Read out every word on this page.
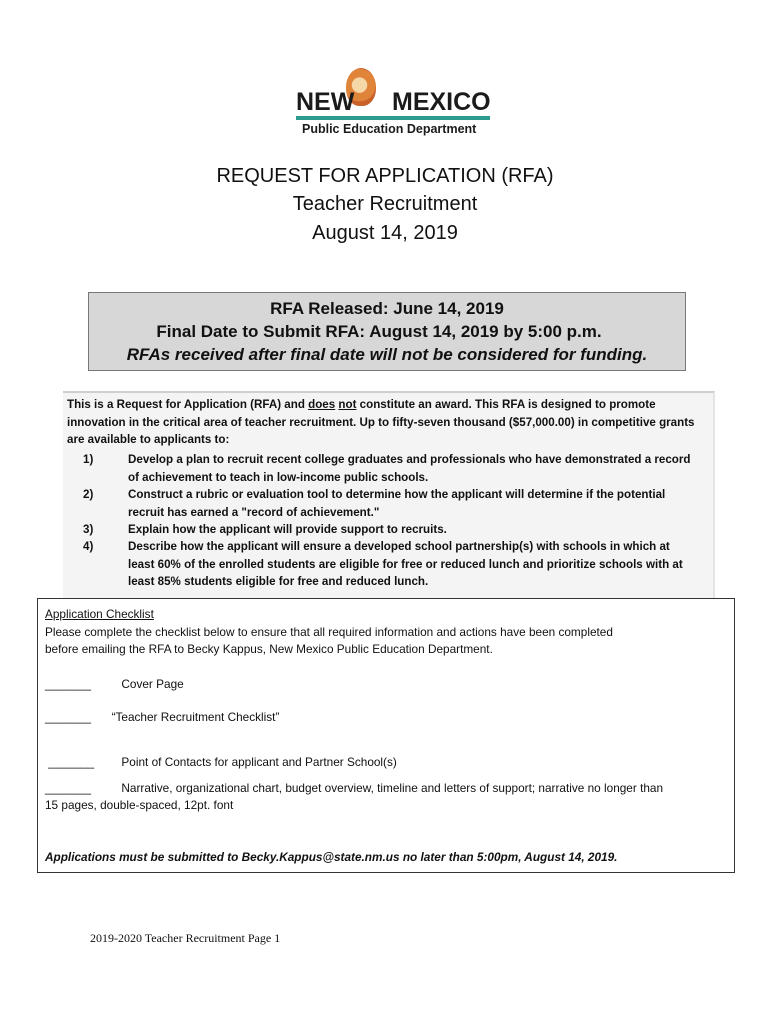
NEW MEXICO
Public Education Department
REQUEST FOR APPLICATION (RFA)
Teacher Recruitment
August 14, 2019
RFA Released: June 14, 2019
Final Date to Submit RFA: August 14, 2019 by 5:00 p.m.
RFAs received after final date will not be considered for funding.
This is a Request for Application (RFA) and does not constitute an award. This RFA is designed to promote innovation in the critical area of teacher recruitment. Up to fifty-seven thousand ($57,000.00) in competitive grants are available to applicants to:
1)	Develop a plan to recruit recent college graduates and professionals who have demonstrated a record of achievement to teach in low-income public schools.
2)	Construct a rubric or evaluation tool to determine how the applicant will determine if the potential recruit has earned a "record of achievement."
3)	Explain how the applicant will provide support to recruits.
4)	Describe how the applicant will ensure a developed school partnership(s) with schools in which at least 60% of the enrolled students are eligible for free or reduced lunch and prioritize schools with at least 85% students eligible for free and reduced lunch.
Application Checklist
Please complete the checklist below to ensure that all required information and actions have been completed
before emailing the RFA to Becky Kappus, New Mexico Public Education Department.
_______	Cover Page
_______ “Teacher Recruitment Checklist”
_______ Point of Contacts for applicant and Partner School(s)
_______	Narrative, organizational chart, budget overview, timeline and letters of support; narrative no longer than
15 pages, double-spaced, 12pt. font
Applications must be submitted to Becky.Kappus@state.nm.us no later than 5:00pm, August 14, 2019.
2019-2020 Teacher Recruitment Page 1
